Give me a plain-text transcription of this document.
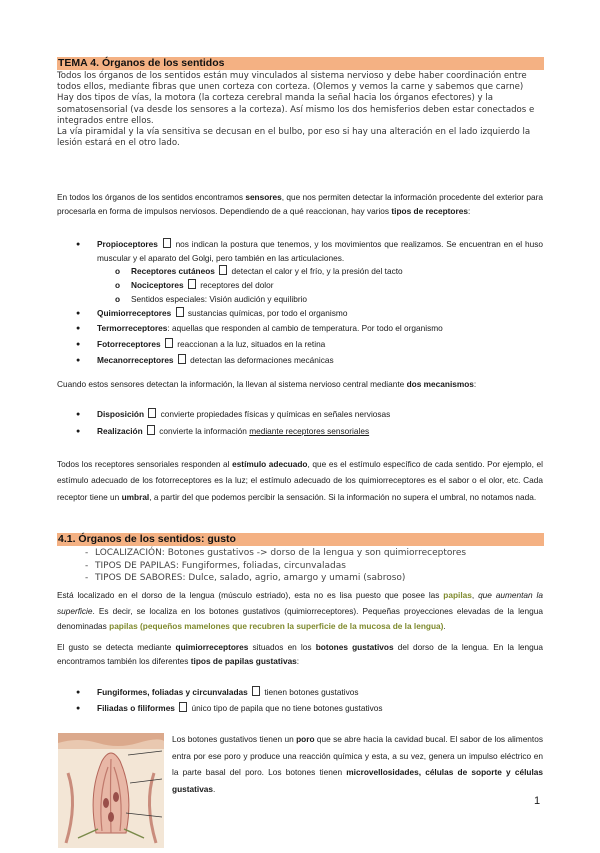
TEMA 4. Órganos de los sentidos
Todos los órganos de los sentidos están muy vinculados al sistema nervioso y debe haber coordinación entre todos ellos, mediante fibras que unen corteza con corteza. (Olemos y vemos la carne y sabemos que carne)
Hay dos tipos de vías, la motora (la corteza cerebral manda la señal hacia los órganos efectores) y la somatosensorial (va desde los sensores a la corteza). Así mismo los dos hemisferios deben estar conectados e integrados entre ellos.
La vía piramidal y la vía sensitiva se decusan en el bulbo, por eso si hay una alteración en el lado izquierdo la lesión estará en el otro lado.
En todos los órganos de los sentidos encontramos sensores, que nos permiten detectar la información procedente del exterior para procesarla en forma de impulsos nerviosos. Dependiendo de a qué reaccionan, hay varios tipos de receptores:
● Propioceptores  nos indican la postura que tenemos, y los movimientos que realizamos. Se encuentran en el huso muscular y el aparato del Golgi, pero también en las articulaciones.
o Receptores cutáneos  detectan el calor y el frío, y la presión del tacto
o Nociceptores  receptores del dolor
o Sentidos especiales: Visión audición y equilibrio
● Quimiorreceptores  sustancias químicas, por todo el organismo
● Termorreceptores: aquellas que responden al cambio de temperatura. Por todo el organismo
● Fotorreceptores  reaccionan a la luz, situados en la retina
● Mecanorreceptores  detectan las deformaciones mecánicas
Cuando estos sensores detectan la información, la llevan al sistema nervioso central mediante dos mecanismos:
● Disposición  convierte propiedades físicas y químicas en señales nerviosas
● Realización  convierte la información mediante receptores sensoriales
Todos los receptores sensoriales responden al estímulo adecuado, que es el estímulo específico de cada sentido. Por ejemplo, el estímulo adecuado de los fotorreceptores es la luz; el estímulo adecuado de los quimiorreceptores es el sabor o el olor, etc. Cada receptor tiene un umbral, a partir del que podemos percibir la sensación. Si la información no supera el umbral, no notamos nada.
4.1. Órganos de los sentidos: gusto
- LOCALIZACIÓN: Botones gustativos -> dorso de la lengua y son quimiorreceptores
- TIPOS DE PAPILAS: Fungiformes, foliadas, circunvaladas
- TIPOS DE SABORES: Dulce, salado, agrio, amargo y umami (sabroso)
Está localizado en el dorso de la lengua (músculo estriado), esta no es lisa puesto que posee las papilas, que aumentan la superficie. Es decir, se localiza en los botones gustativos (quimiorreceptores). Pequeñas proyecciones elevadas de la lengua denominadas papilas (pequeños mamelones que recubren la superficie de la mucosa de la lengua).
El gusto se detecta mediante quimiorreceptores situados en los botones gustativos del dorso de la lengua. En la lengua encontramos también los diferentes tipos de papilas gustativas:
● Fungiformes, foliadas y circunvaladas  tienen botones gustativos
● Filiadas o filiformes  único tipo de papila que no tiene botones gustativos
Los botones gustativos tienen un poro que se abre hacia la cavidad bucal. El sabor de los alimentos entra por ese poro y produce una reacción química y esta, a su vez, genera un impulso eléctrico en la parte basal del poro. Los botones tienen microvellosidades, células de soporte y células gustativas.
1
